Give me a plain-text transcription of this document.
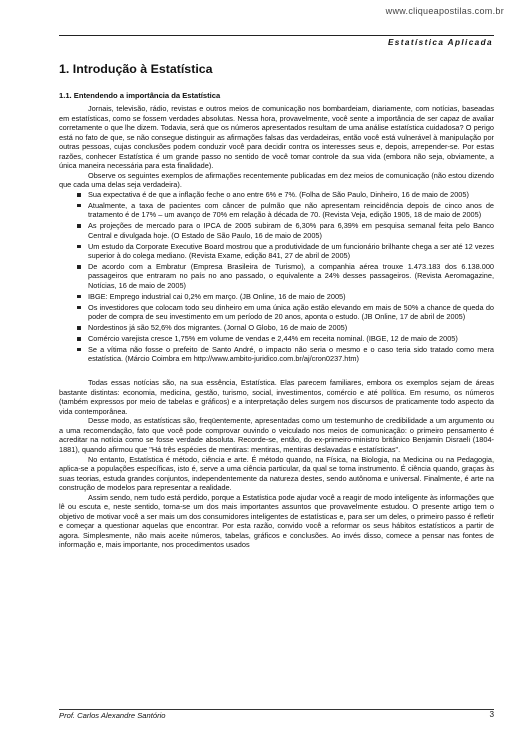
www.cliqueapostilas.com.br
Estatística Aplicada
1. Introdução à Estatística
1.1. Entendendo a importância da Estatística

Jornais, televisão, rádio, revistas e outros meios de comunicação nos bombardeiam, diariamente, com notícias, baseadas em estatísticas, como se fossem verdades absolutas. Nessa hora, provavelmente, você sente a importância de ser capaz de avaliar corretamente o que lhe dizem. Todavia, será que os números apresentados resultam de uma análise estatística cuidadosa? O perigo está no fato de que, se não consegue distinguir as afirmações falsas das verdadeiras, então você está vulnerável à manipulação por outras pessoas, cujas conclusões podem conduzir você para decidir contra os interesses seus e, depois, arrepender-se. Por estas razões, conhecer Estatística é um grande passo no sentido de você tomar controle da sua vida (embora não seja, obviamente, a única maneira necessária para esta finalidade).

Observe os seguintes exemplos de afirmações recentemente publicadas em dez meios de comunicação (não estou dizendo que cada uma delas seja verdadeira).

Sua expectativa é de que a inflação feche o ano entre 6% e 7%. (Folha de São Paulo, Dinheiro, 16 de maio de 2005)
Atualmente, a taxa de pacientes com câncer de pulmão que não apresentam reincidência depois de cinco anos de tratamento é de 17% – um avanço de 70% em relação à década de 70. (Revista Veja, edição 1905, 18 de maio de 2005)
As projeções de mercado para o IPCA de 2005 subiram de 6,30% para 6,39% em pesquisa semanal feita pelo Banco Central e divulgada hoje. (O Estado de São Paulo, 16 de maio de 2005)
Um estudo da Corporate Executive Board mostrou que a produtividade de um funcionário brilhante chega a ser até 12 vezes superior à do colega mediano. (Revista Exame, edição 841, 27 de abril de 2005)
De acordo com a Embratur (Empresa Brasileira de Turismo), a companhia aérea trouxe 1.473.183 dos 6.138.000 passageiros que entraram no país no ano passado, o equivalente a 24% desses passageiros. (Revista Aeromagazine, Notícias, 16 de maio de 2005)
IBGE: Emprego industrial cai 0,2% em março. (JB Online, 16 de maio de 2005)
Os investidores que colocam todo seu dinheiro em uma única ação estão elevando em mais de 50% a chance de queda do poder de compra de seu investimento em um período de 20 anos, aponta o estudo. (JB Online, 17 de abril de 2005)
Nordestinos já são 52,6% dos migrantes. (Jornal O Globo, 16 de maio de 2005)
Comércio varejista cresce 1,75% em volume de vendas e 2,44% em receita nominal. (IBGE, 12 de maio de 2005)
Se a vítima não fosse o prefeito de Santo André, o impacto não seria o mesmo e o caso teria sido tratado como mera estatística. (Márcio Coimbra em http://www.ambito-juridico.com.br/aj/cron0237.htm)

Todas essas notícias são, na sua essência, Estatística. Elas parecem familiares, embora os exemplos sejam de áreas bastante distintas: economia, medicina, gestão, turismo, social, investimentos, comércio e até política. Em resumo, os números (também expressos por meio de tabelas e gráficos) e a interpretação deles surgem nos discursos de praticamente todo aspecto da vida contemporânea.

Desse modo, as estatísticas são, freqüentemente, apresentadas como um testemunho de credibilidade a um argumento ou a uma recomendação, fato que você pode comprovar ouvindo o veiculado nos meios de comunicação: o primeiro pensamento é acreditar na notícia como se fosse verdade absoluta. Recorde-se, então, do ex-primeiro-ministro britânico Benjamin Disraeli (1804-1881), quando afirmou que "Há três espécies de mentiras: mentiras, mentiras deslavadas e estatísticas".

No entanto, Estatística é método, ciência e arte. É método quando, na Física, na Biologia, na Medicina ou na Pedagogia, aplica-se a populações específicas, isto é, serve a uma ciência particular, da qual se torna instrumento. É ciência quando, graças às suas teorias, estuda grandes conjuntos, independentemente da natureza destes, sendo autônoma e universal. Finalmente, é arte na construção de modelos para representar a realidade.

Assim sendo, nem tudo está perdido, porque a Estatística pode ajudar você a reagir de modo inteligente às informações que lê ou escuta e, neste sentido, torna-se um dos mais importantes assuntos que provavelmente estudou. O presente artigo tem o objetivo de motivar você a ser mais um dos consumidores inteligentes de estatísticas e, para ser um deles, o primeiro passo é refletir e começar a questionar aquelas que encontrar. Por esta razão, convido você a reformar os seus hábitos estatísticos a partir de agora. Simplesmente, não mais aceite números, tabelas, gráficos e conclusões. Ao invés disso, comece a pensar nas fontes de informação e, mais importante, nos procedimentos usados

Prof. Carlos Alexandre Santório	3
